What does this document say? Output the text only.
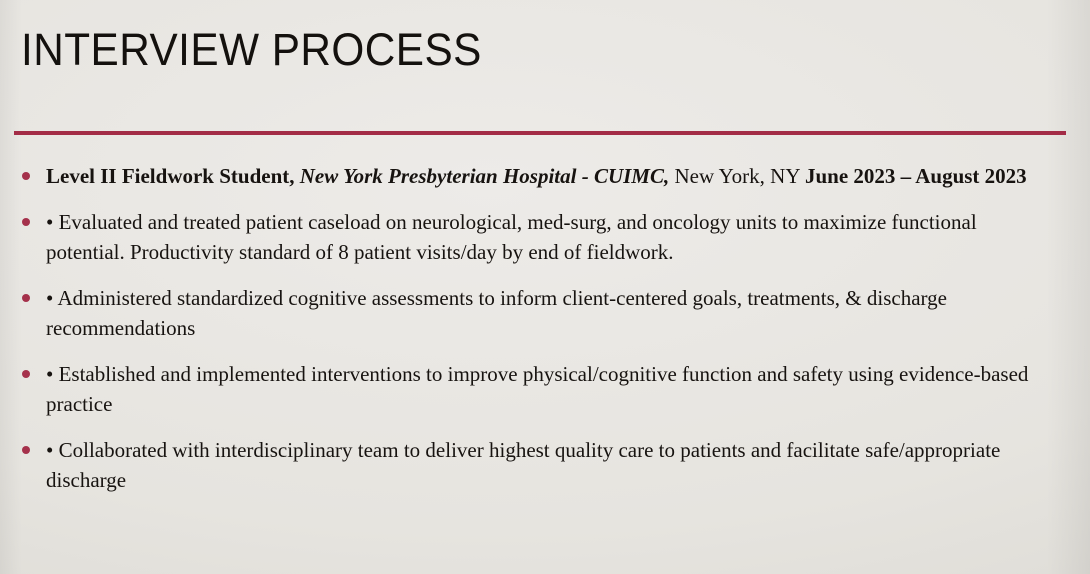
INTERVIEW PROCESS
Level II Fieldwork Student, New York Presbyterian Hospital - CUIMC, New York, NY June 2023 – August 2023
• Evaluated and treated patient caseload on neurological, med-surg, and oncology units to maximize functional potential. Productivity standard of 8 patient visits/day by end of fieldwork.
• Administered standardized cognitive assessments to inform client-centered goals, treatments, & discharge recommendations
• Established and implemented interventions to improve physical/cognitive function and safety using evidence-based practice
• Collaborated with interdisciplinary team to deliver highest quality care to patients and facilitate safe/appropriate discharge
